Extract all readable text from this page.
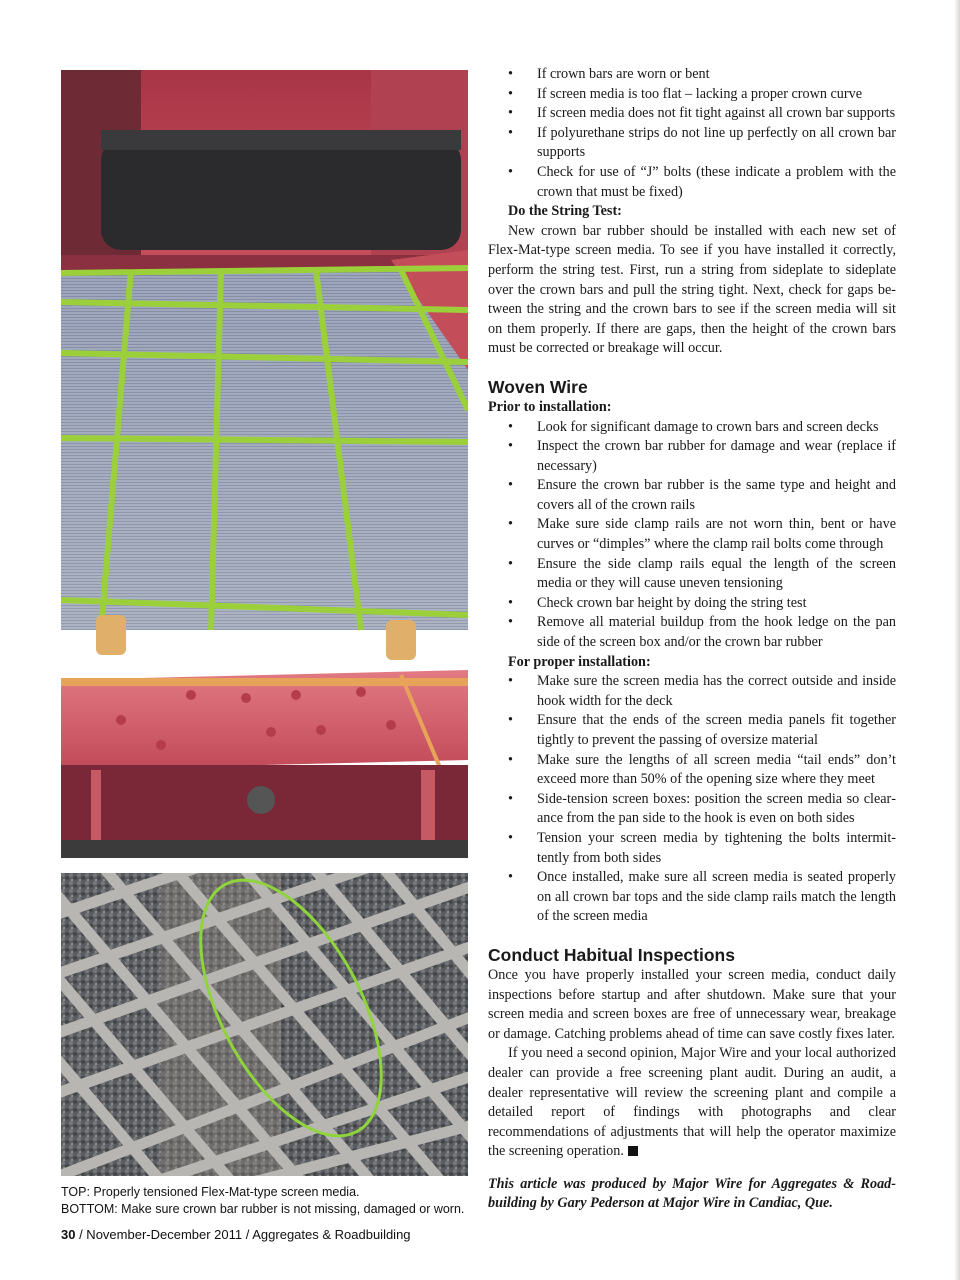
TOP: Properly tensioned Flex-Mat-type screen media.
BOTTOM: Make sure crown bar rubber is not missing, damaged or worn.
30 / November-December 2011 / Aggregates & Roadbuilding
• If crown bars are worn or bent
• If screen media is too flat – lacking a proper crown curve
• If screen media does not fit tight against all crown bar supports
• If polyurethane strips do not line up perfectly on all crown bar supports
• Check for use of “J” bolts (these indicate a problem with the crown that must be fixed)
Do the String Test:
New crown bar rubber should be installed with each new set of Flex-Mat-type screen media. To see if you have installed it correctly, perform the string test. First, run a string from sideplate to sideplate over the crown bars and pull the string tight. Next, check for gaps between the string and the crown bars to see if the screen media will sit on them properly. If there are gaps, then the height of the crown bars must be corrected or breakage will occur.
Woven Wire
Prior to installation:
• Look for significant damage to crown bars and screen decks
• Inspect the crown bar rubber for damage and wear (replace if necessary)
• Ensure the crown bar rubber is the same type and height and covers all of the crown rails
• Make sure side clamp rails are not worn thin, bent or have curves or “dimples” where the clamp rail bolts come through
• Ensure the side clamp rails equal the length of the screen media or they will cause uneven tensioning
• Check crown bar height by doing the string test
• Remove all material buildup from the hook ledge on the pan side of the screen box and/or the crown bar rubber
For proper installation:
• Make sure the screen media has the correct outside and inside hook width for the deck
• Ensure that the ends of the screen media panels fit together tightly to prevent the passing of oversize material
• Make sure the lengths of all screen media “tail ends” don’t exceed more than 50% of the opening size where they meet
• Side-tension screen boxes: position the screen media so clearance from the pan side to the hook is even on both sides
• Tension your screen media by tightening the bolts intermittently from both sides
• Once installed, make sure all screen media is seated properly on all crown bar tops and the side clamp rails match the length of the screen media
Conduct Habitual Inspections
Once you have properly installed your screen media, conduct daily inspections before startup and after shutdown. Make sure that your screen media and screen boxes are free of unnecessary wear, breakage or damage. Catching problems ahead of time can save costly fixes later.
If you need a second opinion, Major Wire and your local authorized dealer can provide a free screening plant audit. During an audit, a dealer representative will review the screening plant and compile a detailed report of findings with photographs and clear recommendations of adjustments that will help the operator maximize the screening operation.
This article was produced by Major Wire for Aggregates & Roadbuilding by Gary Pederson at Major Wire in Candiac, Que.
